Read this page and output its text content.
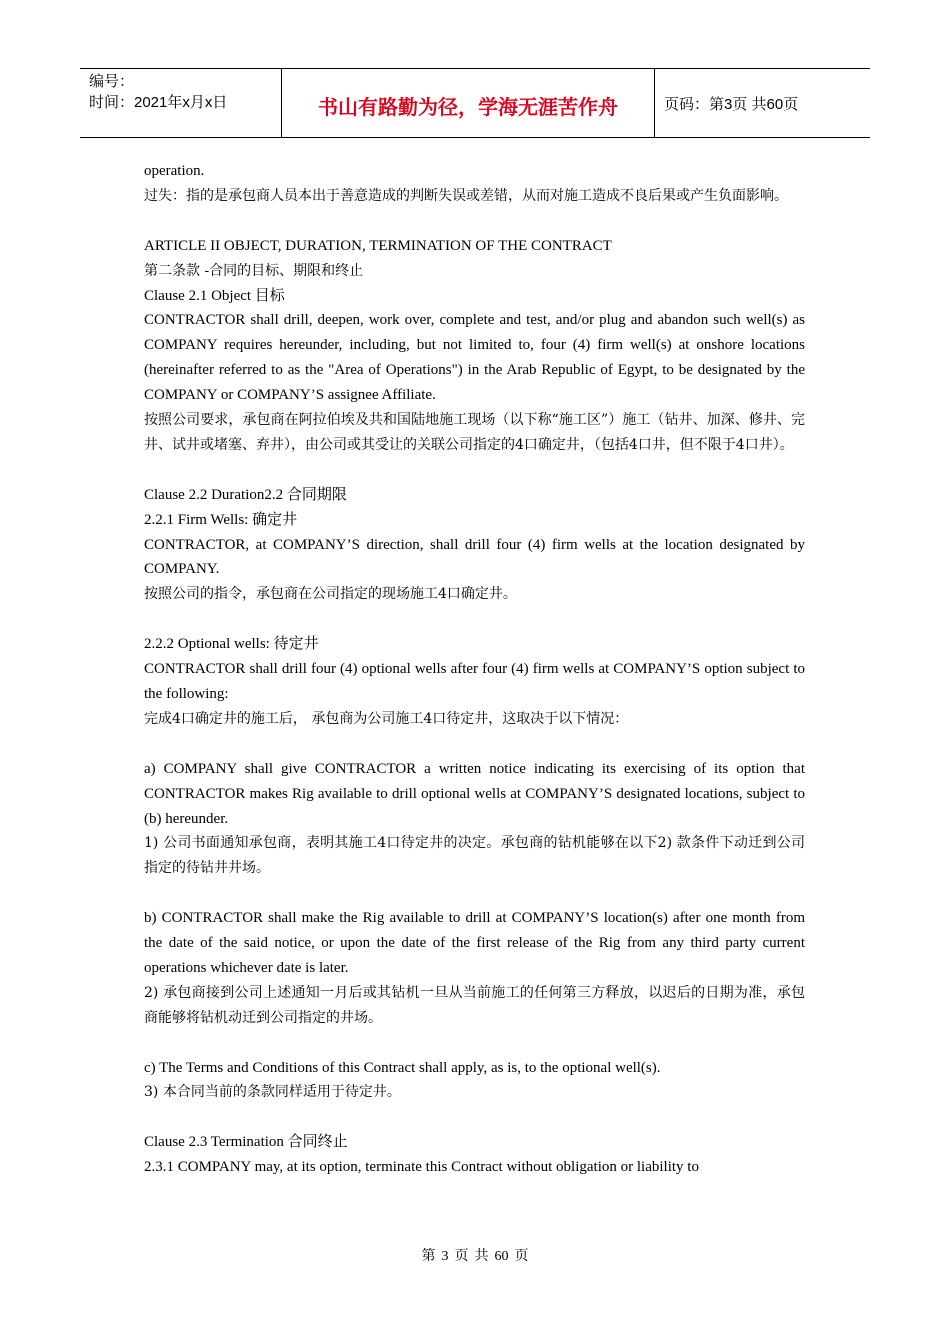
编号：
时间：2021年x月x日	书山有路勤为径，学海无涯苦作舟	页码：第3页 共60页

operation.

过失：指的是承包商人员本出于善意造成的判断失误或差错，从而对施工造成不良后果或产生负面影响。

ARTICLE II OBJECT, DURATION, TERMINATION OF THE CONTRACT

第二条款 -合同的目标、期限和终止

Clause 2.1 Object 目标

CONTRACTOR shall drill, deepen, work over, complete and test, and/or plug and abandon such well(s) as COMPANY requires hereunder, including, but not limited to, four (4) firm well(s) at onshore locations (hereinafter referred to as the "Area of Operations") in the Arab Republic of Egypt, to be designated by the COMPANY or COMPANY’S assignee Affiliate.

按照公司要求，承包商在阿拉伯埃及共和国陆地施工现场（以下称“施工区”）施工（钻井、加深、修井、完井、试井或堵塞、弃井），由公司或其受让的关联公司指定的4口确定井，（包括4口井，但不限于4口井）。

Clause 2.2 Duration2.2 合同期限

2.2.1 Firm Wells: 确定井

CONTRACTOR, at COMPANY’S direction, shall drill four (4) firm wells at the location designated by COMPANY.

按照公司的指令，承包商在公司指定的现场施工4口确定井。

2.2.2 Optional wells: 待定井

CONTRACTOR shall drill four (4) optional wells after four (4) firm wells at COMPANY’S option subject to the following:

完成4口确定井的施工后， 承包商为公司施工4口待定井，这取决于以下情况：

a) COMPANY shall give CONTRACTOR a written notice indicating its exercising of its option that CONTRACTOR makes Rig available to drill optional wells at COMPANY’S designated locations, subject to (b) hereunder.

1) 公司书面通知承包商，表明其施工4口待定井的决定。承包商的钻机能够在以下2) 款条件下动迁到公司指定的待钻井井场。

b) CONTRACTOR shall make the Rig available to drill at COMPANY’S location(s) after one month from the date of the said notice, or upon the date of the first release of the Rig from any third party current operations whichever date is later.

2) 承包商接到公司上述通知一月后或其钻机一旦从当前施工的任何第三方释放，以迟后的日期为准，承包商能够将钻机动迁到公司指定的井场。

c) The Terms and Conditions of this Contract shall apply, as is, to the optional well(s).

3) 本合同当前的条款同样适用于待定井。

Clause 2.3 Termination 合同终止

2.3.1 COMPANY may, at its option, terminate this Contract without obligation or liability to

第 3 页 共 60 页
